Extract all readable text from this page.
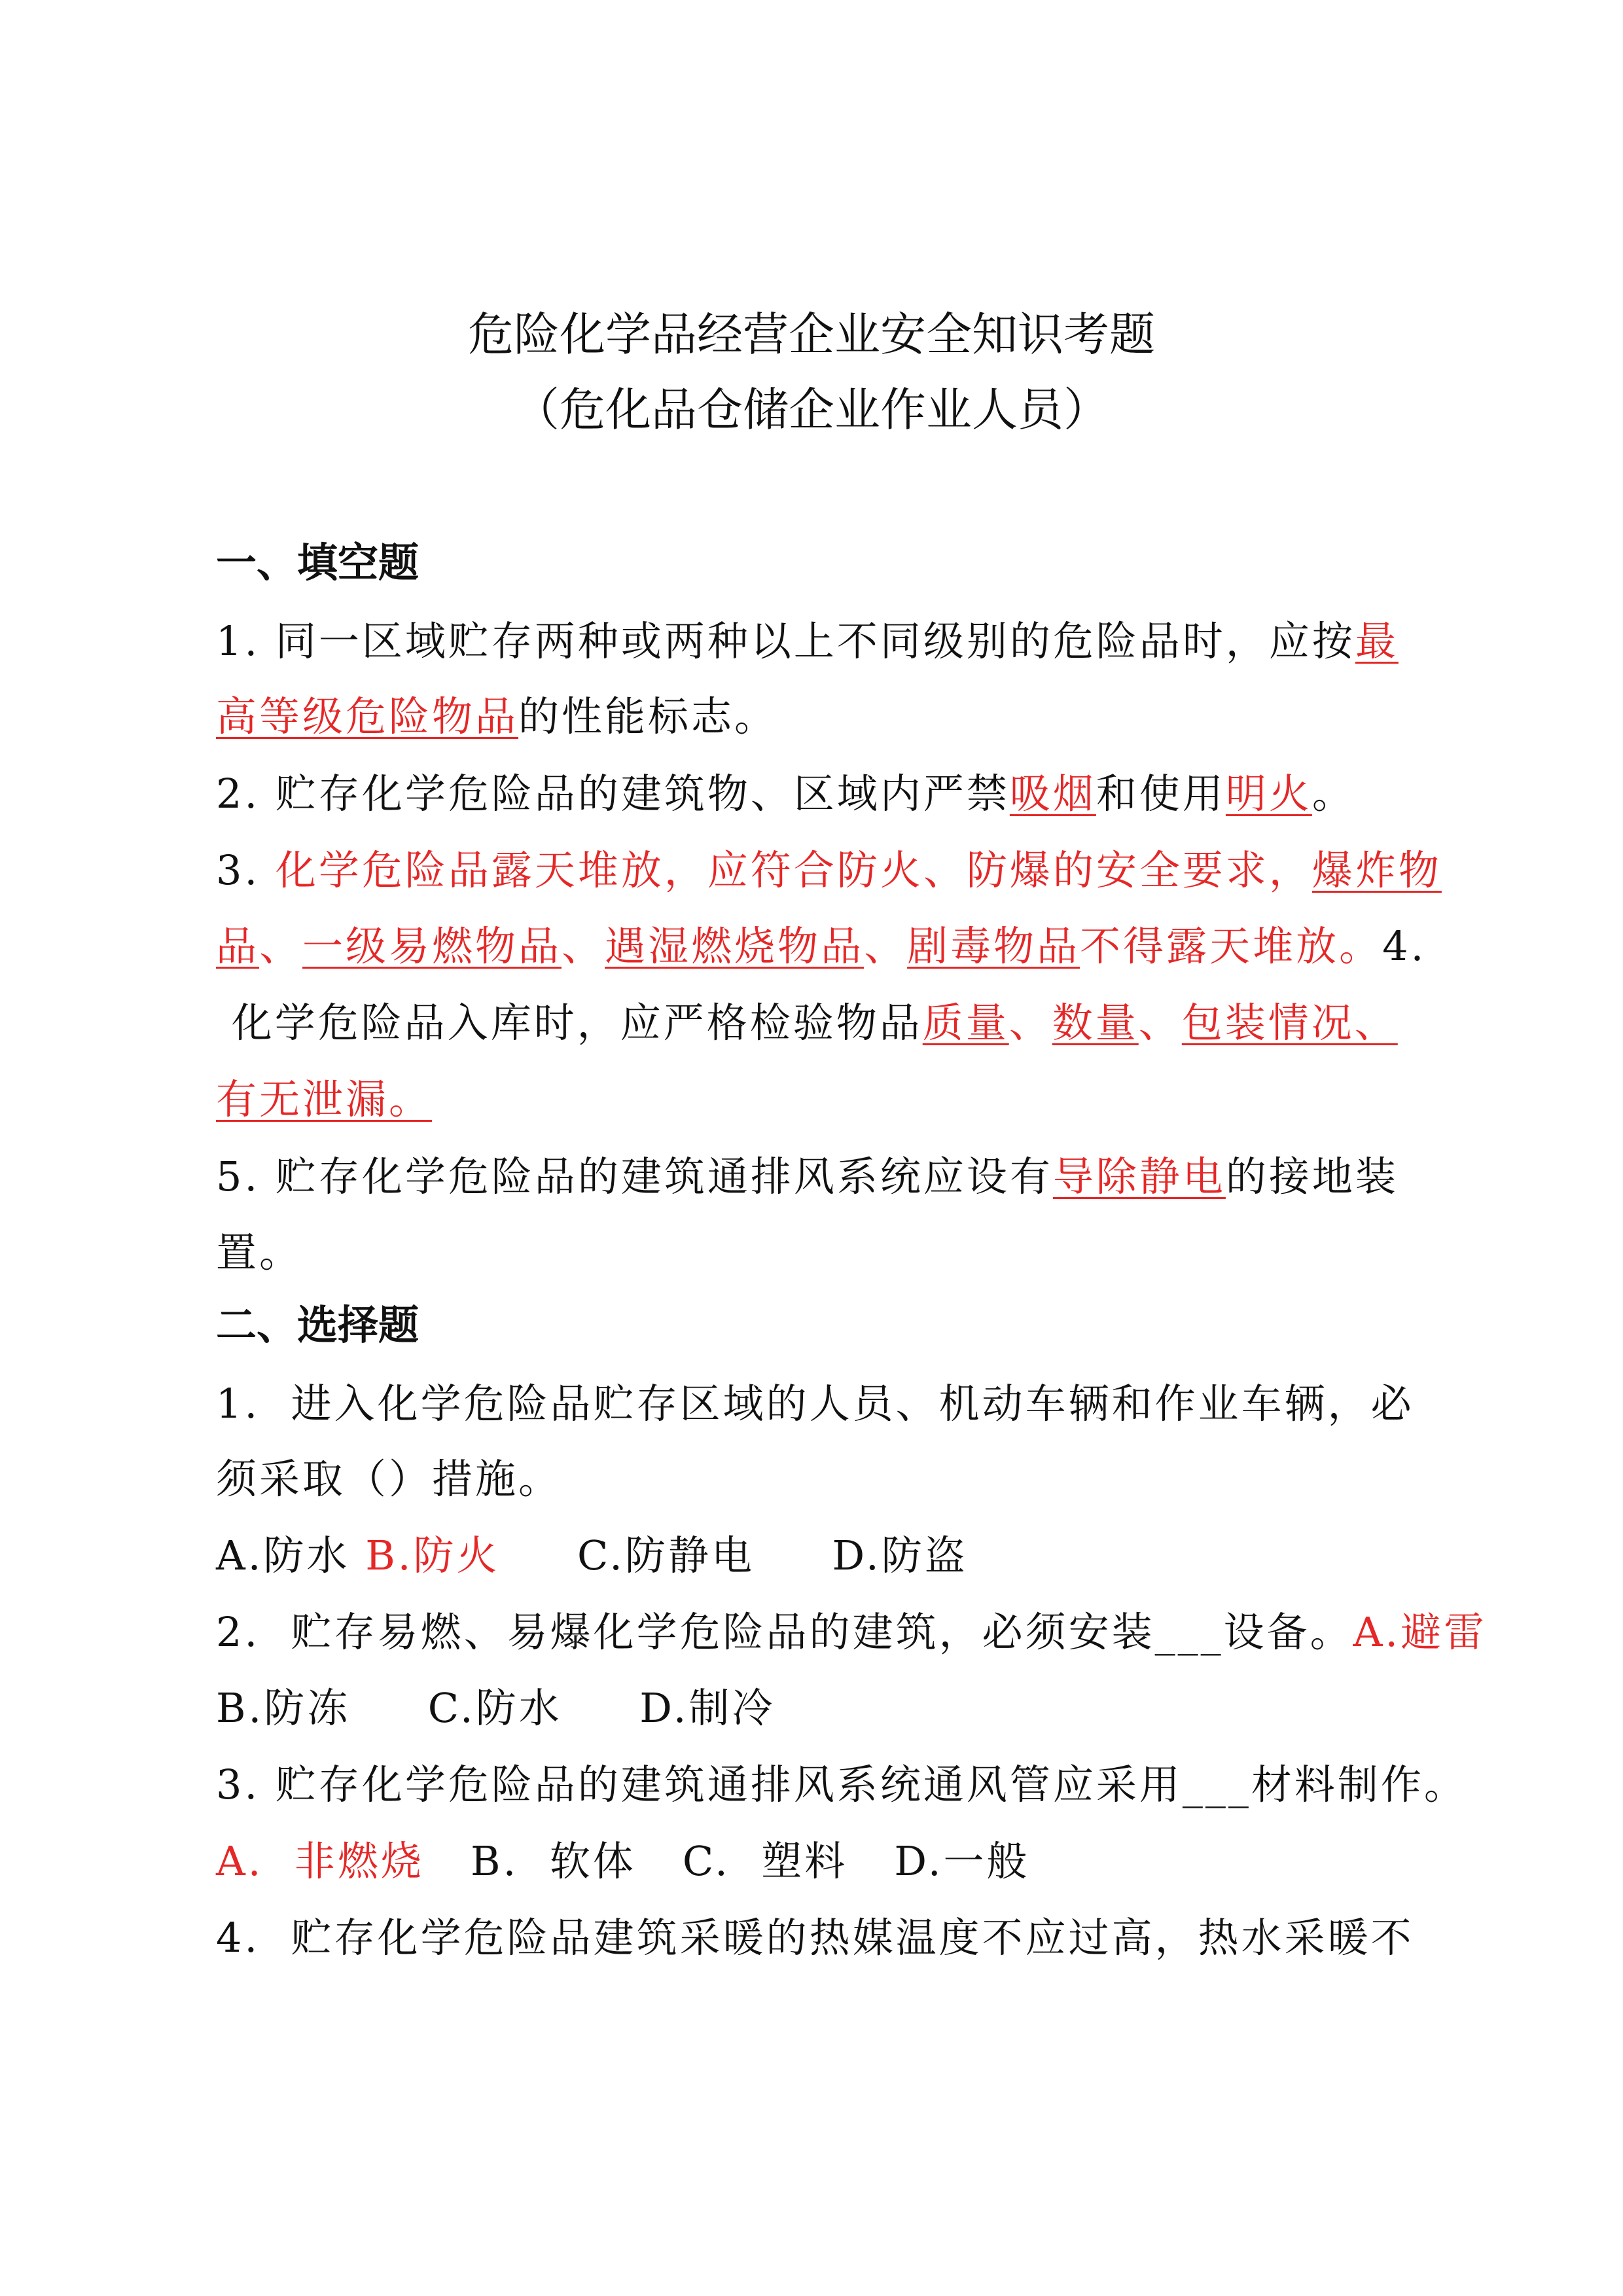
危险化学品经营企业安全知识考题
（危化品仓储企业作业人员）
一、填空题
1. 同一区域贮存两种或两种以上不同级别的危险品时，应按最
高等级危险物品的性能标志。
2. 贮存化学危险品的建筑物、区域内严禁吸烟和使用明火。
3. 化学危险品露天堆放，应符合防火、防爆的安全要求，爆炸物
品、一级易燃物品、遇湿燃烧物品、剧毒物品不得露天堆放。4.
化学危险品入库时，应严格检验物品质量、数量、包装情况、
有无泄漏。
5. 贮存化学危险品的建筑通排风系统应设有导除静电的接地装
置。
二、选择题
1.  进入化学危险品贮存区域的人员、机动车辆和作业车辆，必
须采取（）措施。
A.防水 B.防火     C.防静电     D.防盗
2.  贮存易燃、易爆化学危险品的建筑，必须安装___设备。A.避雷
B.防冻     C.防水     D.制冷
3. 贮存化学危险品的建筑通排风系统通风管应采用___材料制作。
A.  非燃烧   B.  软体   C.  塑料   D.一般
4.  贮存化学危险品建筑采暖的热媒温度不应过高，热水采暖不
